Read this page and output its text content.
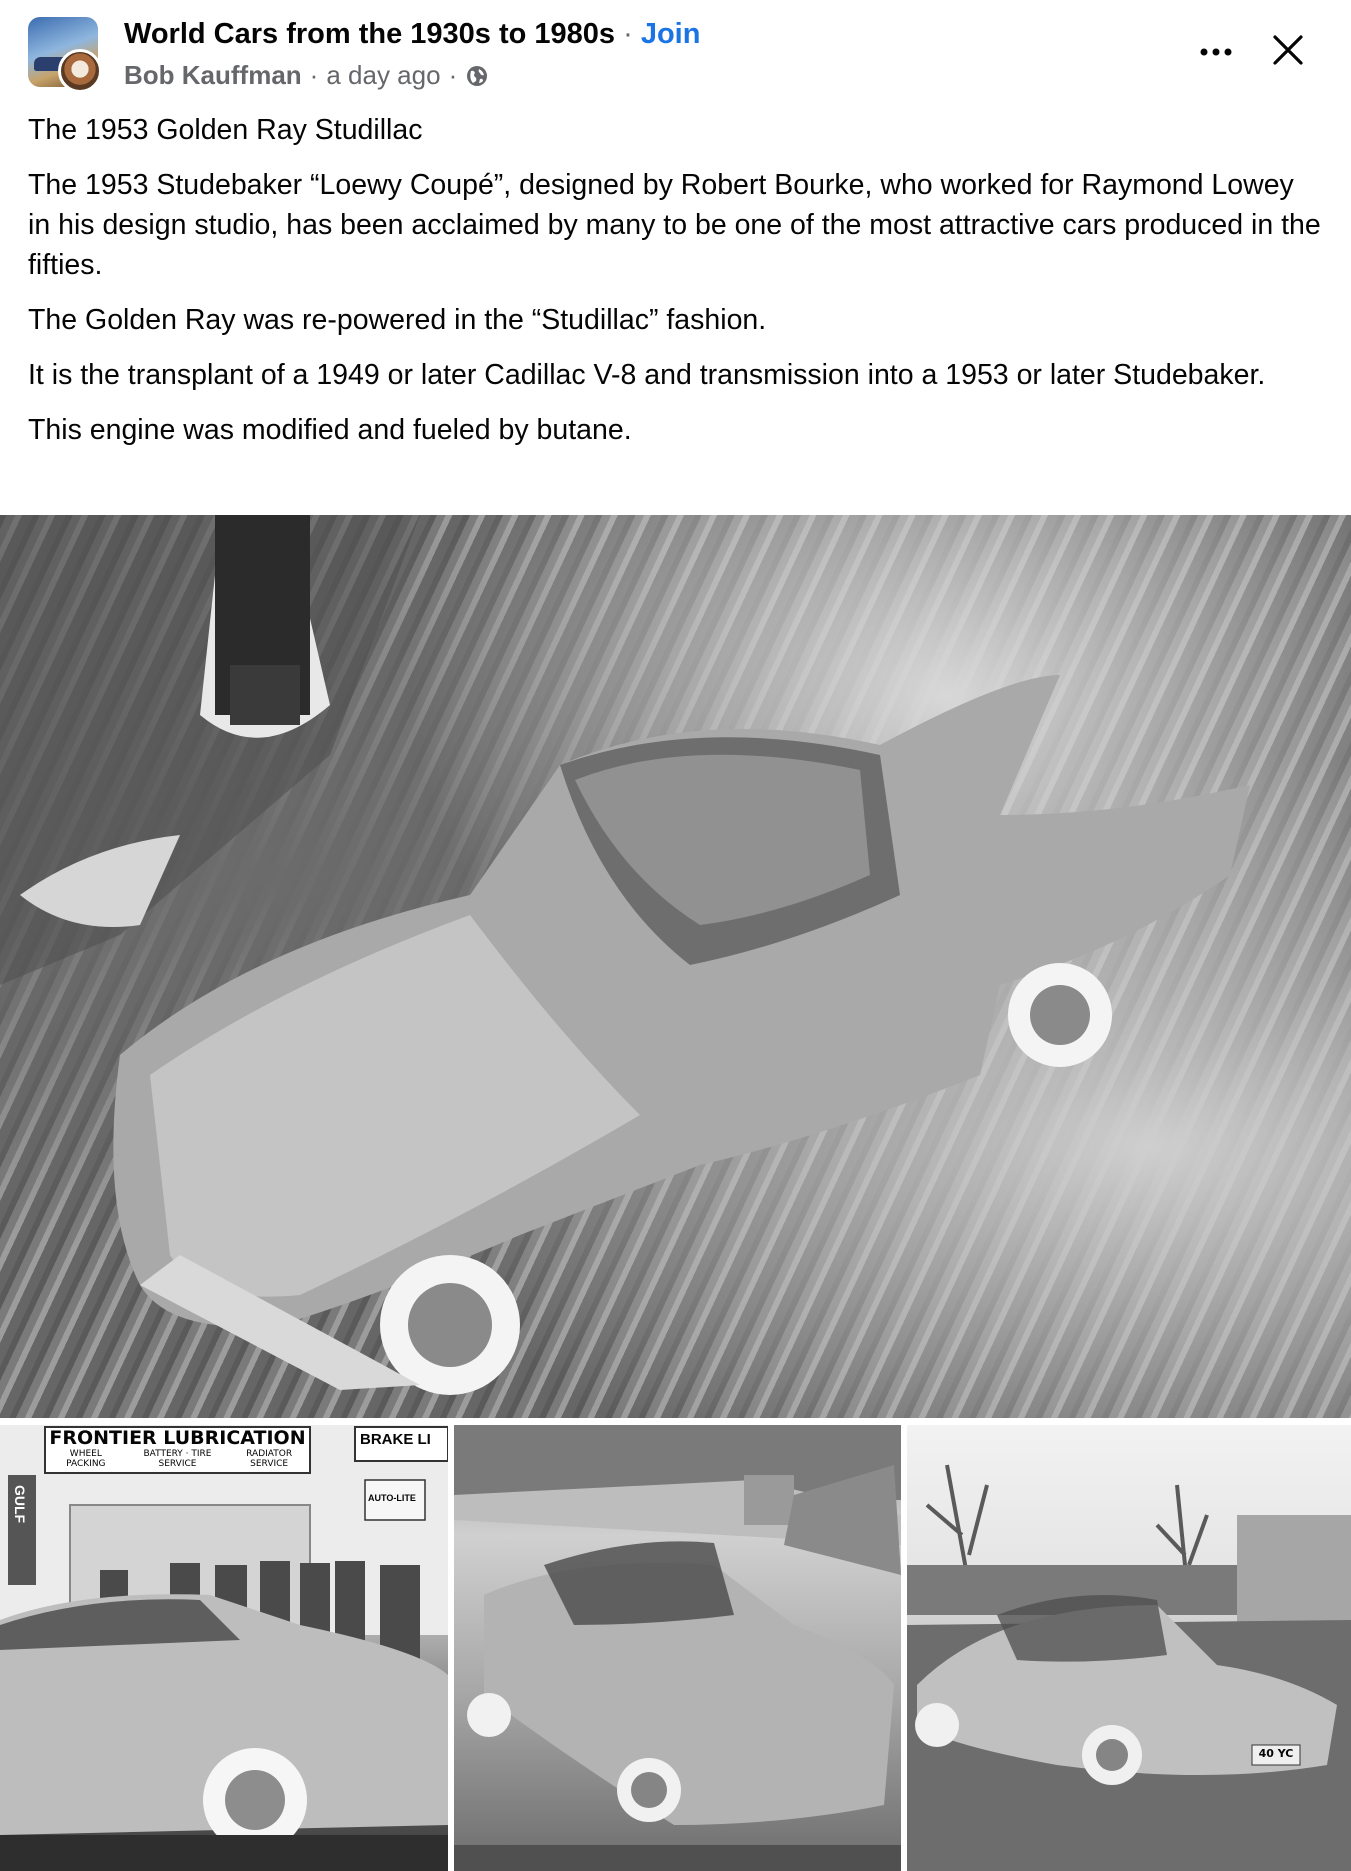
World Cars from the 1930s to 1980s · Join
Bob Kauffman · a day ago ·

The 1953 Golden Ray Studillac

The 1953 Studebaker “Loewy Coupé”, designed by Robert Bourke, who worked for Raymond Lowey in his design studio, has been acclaimed by many to be one of the most attractive cars produced in the fifties.

The Golden Ray was re-powered in the “Studillac” fashion.

It is the transplant of a 1949 or later Cadillac V-8 and transmission into a 1953 or later Studebaker.

This engine was modified and fueled by butane.

FRONTIER LUBRICATION
WHEEL PACKING
BATTERY · TIRE SERVICE
RADIATOR SERVICE
BRAKE LI
AUTO-LITE
GULF
40 YC
